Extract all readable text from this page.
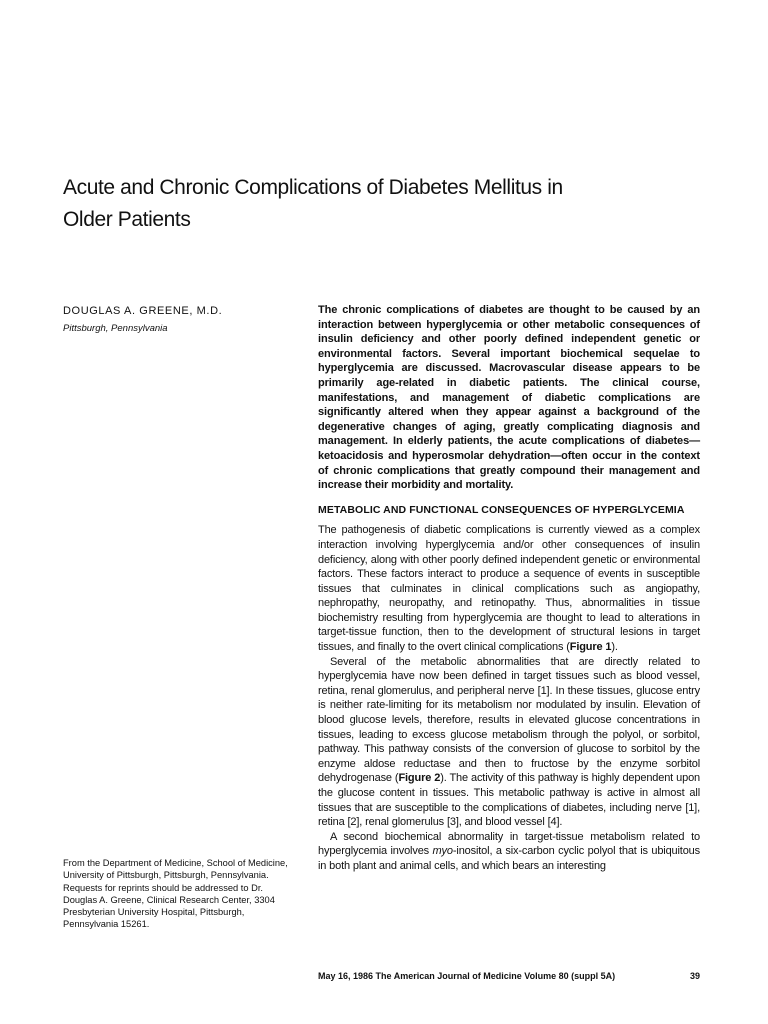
Acute and Chronic Complications of Diabetes Mellitus in
Older Patients

DOUGLAS A. GREENE, M.D.

Pittsburgh, Pennsylvania

From the Department of Medicine, School of Medicine, University of Pittsburgh, Pittsburgh, Pennsylvania. Requests for reprints should be addressed to Dr. Douglas A. Greene, Clinical Research Center, 3304 Presbyterian University Hospital, Pittsburgh, Pennsylvania 15261.

The chronic complications of diabetes are thought to be caused by an interaction between hyperglycemia or other metabolic consequences of insulin deficiency and other poorly defined independent genetic or environmental factors. Several important biochemical sequelae to hyperglycemia are discussed. Macrovascular disease appears to be primarily age-related in diabetic patients. The clinical course, manifestations, and management of diabetic complications are significantly altered when they appear against a background of the degenerative changes of aging, greatly complicating diagnosis and management. In elderly patients, the acute complications of diabetes—ketoacidosis and hyperosmolar dehydration—often occur in the context of chronic complications that greatly compound their management and increase their morbidity and mortality.

METABOLIC AND FUNCTIONAL CONSEQUENCES OF HYPERGLYCEMIA

The pathogenesis of diabetic complications is currently viewed as a complex interaction involving hyperglycemia and/or other consequences of insulin deficiency, along with other poorly defined independent genetic or environmental factors. These factors interact to produce a sequence of events in susceptible tissues that culminates in clinical complications such as angiopathy, nephropathy, neuropathy, and retinopathy. Thus, abnormalities in tissue biochemistry resulting from hyperglycemia are thought to lead to alterations in target-tissue function, then to the development of structural lesions in target tissues, and finally to the overt clinical complications (Figure 1).

Several of the metabolic abnormalities that are directly related to hyperglycemia have now been defined in target tissues such as blood vessel, retina, renal glomerulus, and peripheral nerve [1]. In these tissues, glucose entry is neither rate-limiting for its metabolism nor modulated by insulin. Elevation of blood glucose levels, therefore, results in elevated glucose concentrations in tissues, leading to excess glucose metabolism through the polyol, or sorbitol, pathway. This pathway consists of the conversion of glucose to sorbitol by the enzyme aldose reductase and then to fructose by the enzyme sorbitol dehydrogenase (Figure 2). The activity of this pathway is highly dependent upon the glucose content in tissues. This metabolic pathway is active in almost all tissues that are susceptible to the complications of diabetes, including nerve [1], retina [2], renal glomerulus [3], and blood vessel [4].

A second biochemical abnormality in target-tissue metabolism related to hyperglycemia involves myo-inositol, a six-carbon cyclic polyol that is ubiquitous in both plant and animal cells, and which bears an interesting

May 16, 1986 The American Journal of Medicine Volume 80 (suppl 5A)	39
